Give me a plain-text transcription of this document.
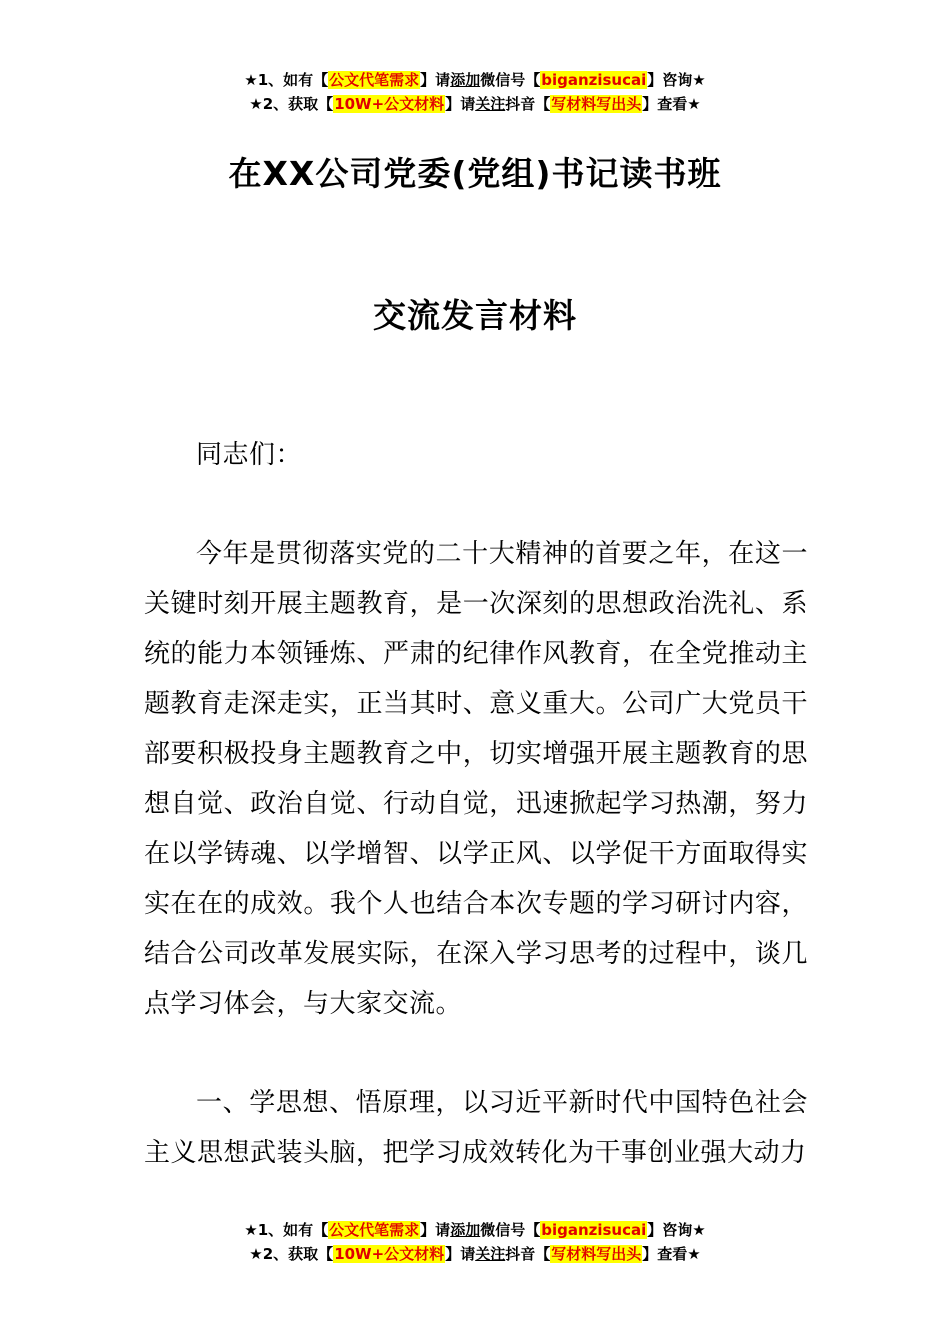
★1、如有【公文代笔需求】请添加微信号【biganzisucai】咨询★
★2、获取【10W+公文材料】请关注抖音【写材料写出头】查看★
在XX公司党委(党组)书记读书班
交流发言材料

同志们：

今年是贯彻落实党的二十大精神的首要之年，在这一关键时刻开展主题教育，是一次深刻的思想政治洗礼、系统的能力本领锤炼、严肃的纪律作风教育，在全党推动主题教育走深走实，正当其时、意义重大。公司广大党员干部要积极投身主题教育之中，切实增强开展主题教育的思想自觉、政治自觉、行动自觉，迅速掀起学习热潮，努力在以学铸魂、以学增智、以学正风、以学促干方面取得实实在在的成效。我个人也结合本次专题的学习研讨内容，结合公司改革发展实际，在深入学习思考的过程中，谈几点学习体会，与大家交流。

一、学思想、悟原理，以习近平新时代中国特色社会主义思想武装头脑，把学习成效转化为干事创业强大动力

★1、如有【公文代笔需求】请添加微信号【biganzisucai】咨询★
★2、获取【10W+公文材料】请关注抖音【写材料写出头】查看★
